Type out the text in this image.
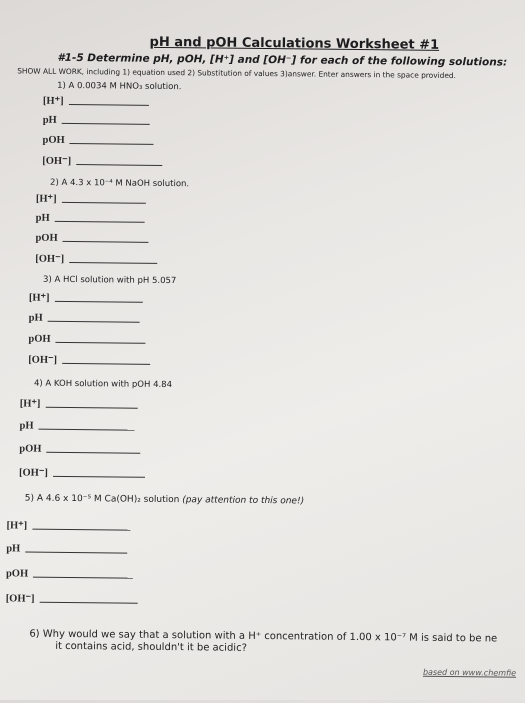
pH and pOH Calculations Worksheet #1
#1-5 Determine pH, pOH, [H⁺] and [OH⁻] for each of the following solutions:
SHOW ALL WORK, including 1) equation used 2) Substitution of values 3)answer. Enter answers in the space provided.
1) A 0.0034 M HNO₃ solution.
[H⁺]
pH
pOH
[OH⁻]
2) A 4.3 x 10⁻⁴ M NaOH solution.
[H⁺]
pH
pOH
[OH⁻]
3) A HCl solution with pH 5.057
[H⁺]
pH
pOH
[OH⁻]
4) A KOH solution with pOH 4.84
[H⁺]
pH
pOH
[OH⁻]
5) A 4.6 x 10⁻⁵ M Ca(OH)₂ solution (pay attention to this one!)
[H⁺]
pH
pOH
[OH⁻]
6) Why would we say that a solution with a H⁺ concentration of 1.00 x 10⁻⁷ M is said to be ne
it contains acid, shouldn't it be acidic?
based on www.chemfie
